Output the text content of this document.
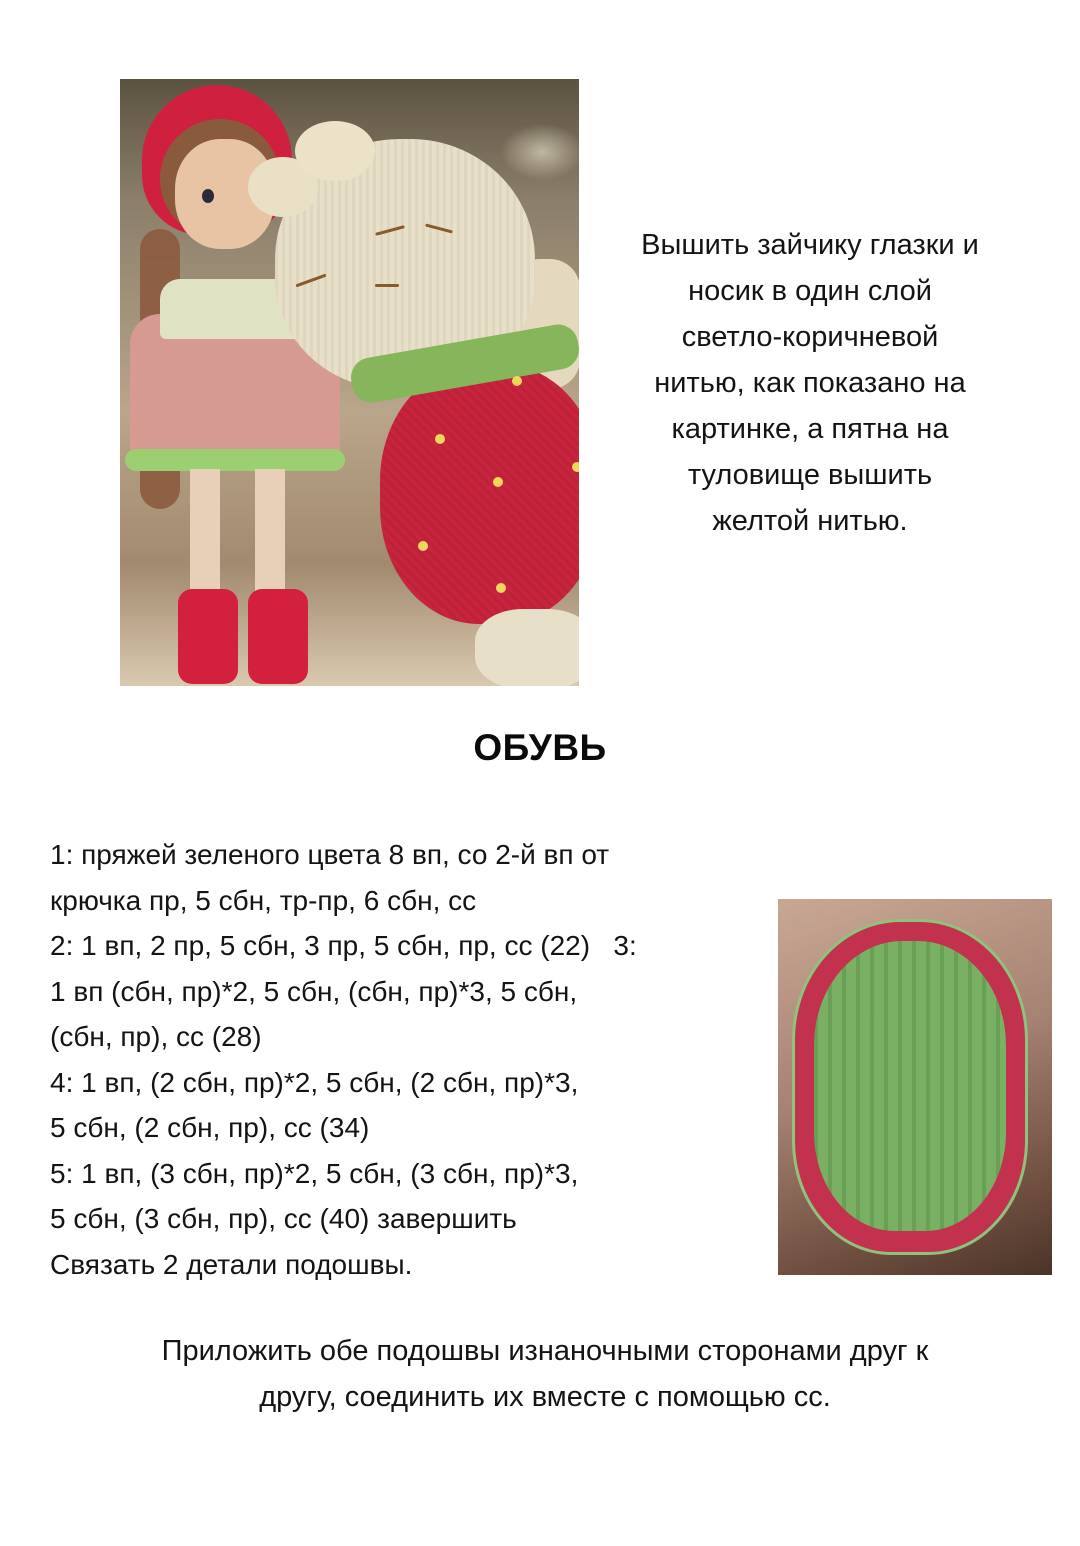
Вышить зайчику глазки и
носик в один слой
светло-коричневой
нитью, как показано на
картинке, а пятна на
туловище вышить
желтой нитью.
ОБУВЬ
1: пряжей зеленого цвета 8 вп, со 2-й вп от
крючка пр, 5 сбн, тр-пр, 6 сбн, сс
2: 1 вп, 2 пр, 5 сбн, 3 пр, 5 сбн, пр, сс (22)   3:
1 вп (сбн, пр)*2, 5 сбн, (сбн, пр)*3, 5 сбн,
(сбн, пр), сс (28)
4: 1 вп, (2 сбн, пр)*2, 5 сбн, (2 сбн, пр)*3,
5 сбн, (2 сбн, пр), сс (34)
5: 1 вп, (3 сбн, пр)*2, 5 сбн, (3 сбн, пр)*3,
5 сбн, (3 сбн, пр), сс (40) завершить
Связать 2 детали подошвы.
Приложить обе подошвы изнаночными сторонами друг к
другу, соединить их вместе с помощью сс.
